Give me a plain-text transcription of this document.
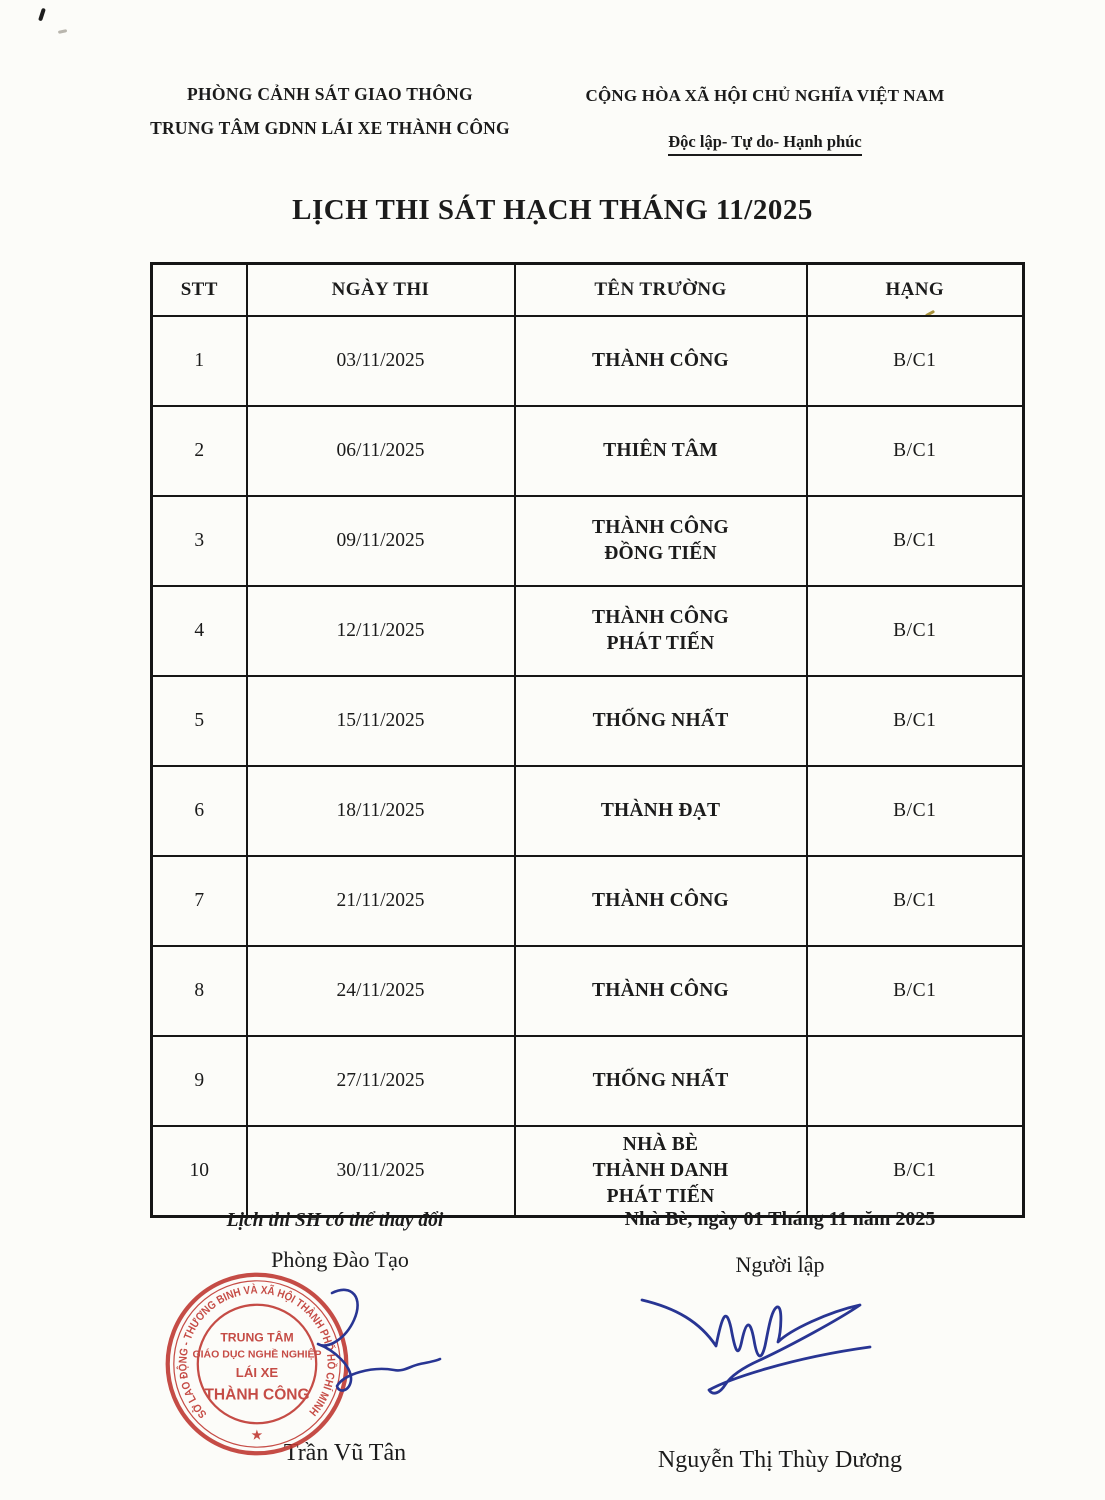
PHÒNG CẢNH SÁT GIAO THÔNG
TRUNG TÂM GDNN LÁI XE THÀNH CÔNG
CỘNG HÒA XÃ HỘI CHỦ NGHĨA VIỆT NAM

Độc lập- Tự do- Hạnh phúc
LỊCH THI SÁT HẠCH THÁNG 11/2025
STT	NGÀY THI	TÊN TRƯỜNG	HẠNG
1	03/11/2025	THÀNH CÔNG	B/C1
2	06/11/2025	THIÊN TÂM	B/C1
3	09/11/2025	THÀNH CÔNG
ĐỒNG TIẾN	B/C1
4	12/11/2025	THÀNH CÔNG
PHÁT TIẾN	B/C1
5	15/11/2025	THỐNG NHẤT	B/C1
6	18/11/2025	THÀNH ĐẠT	B/C1
7	21/11/2025	THÀNH CÔNG	B/C1
8	24/11/2025	THÀNH CÔNG	B/C1
9	27/11/2025	THỐNG NHẤT	

10	30/11/2025	NHÀ BÈ
THÀNH DANH
PHÁT TIẾN	B/C1
Lịch thi SH có thể thay đổi
Phòng Đào Tạo
Trần Vũ Tân
Nhà Bè, ngày 01 Tháng 11 năm 2025
Người lập
Nguyễn Thị Thùy Dương
SỞ LAO ĐỘNG - THƯƠNG BINH VÀ XÃ HỘI THÀNH PHỐ HỒ CHÍ MINH
TRUNG TÂM
GIÁO DỤC NGHỀ NGHIỆP
LÁI XE
THÀNH CÔNG
★
